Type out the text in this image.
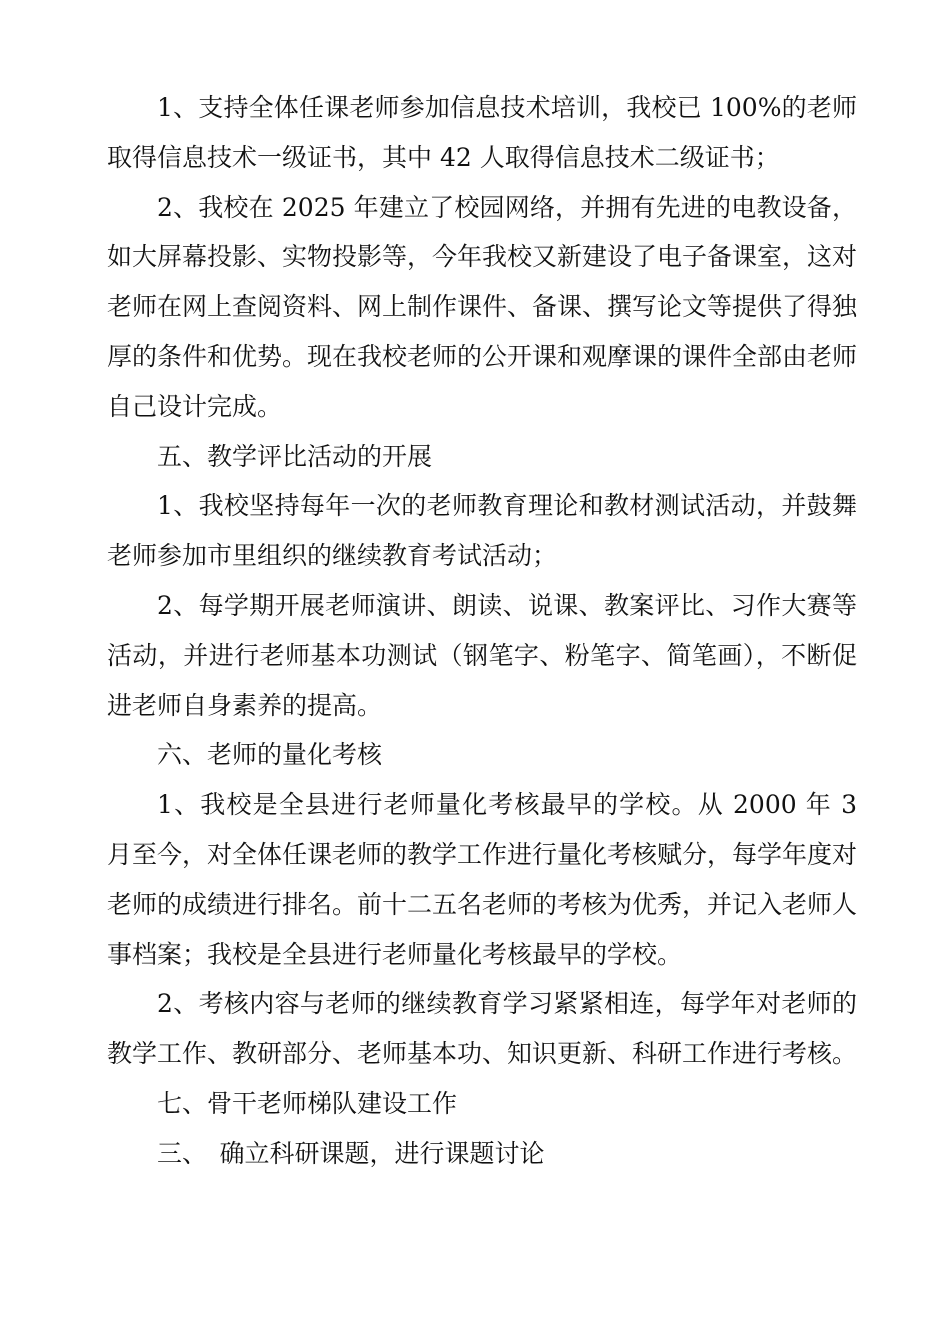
1、支持全体任课老师参加信息技术培训，我校已 100%的老师取得信息技术一级证书，其中 42 人取得信息技术二级证书；

2、我校在 2025 年建立了校园网络，并拥有先进的电教设备，如大屏幕投影、实物投影等，今年我校又新建设了电子备课室，这对老师在网上查阅资料、网上制作课件、备课、撰写论文等提供了得独厚的条件和优势。现在我校老师的公开课和观摩课的课件全部由老师自己设计完成。

五、教学评比活动的开展

1、我校坚持每年一次的老师教育理论和教材测试活动，并鼓舞老师参加市里组织的继续教育考试活动；

2、每学期开展老师演讲、朗读、说课、教案评比、习作大赛等活动，并进行老师基本功测试（钢笔字、粉笔字、简笔画），不断促进老师自身素养的提高。

六、老师的量化考核

1、我校是全县进行老师量化考核最早的学校。从 2000 年 3 月至今，对全体任课老师的教学工作进行量化考核赋分，每学年度对老师的成绩进行排名。前十二五名老师的考核为优秀，并记入老师人事档案；我校是全县进行老师量化考核最早的学校。

2、考核内容与老师的继续教育学习紧紧相连，每学年对老师的教学工作、教研部分、老师基本功、知识更新、科研工作进行考核。

七、骨干老师梯队建设工作

三、　确立科研课题，进行课题讨论
